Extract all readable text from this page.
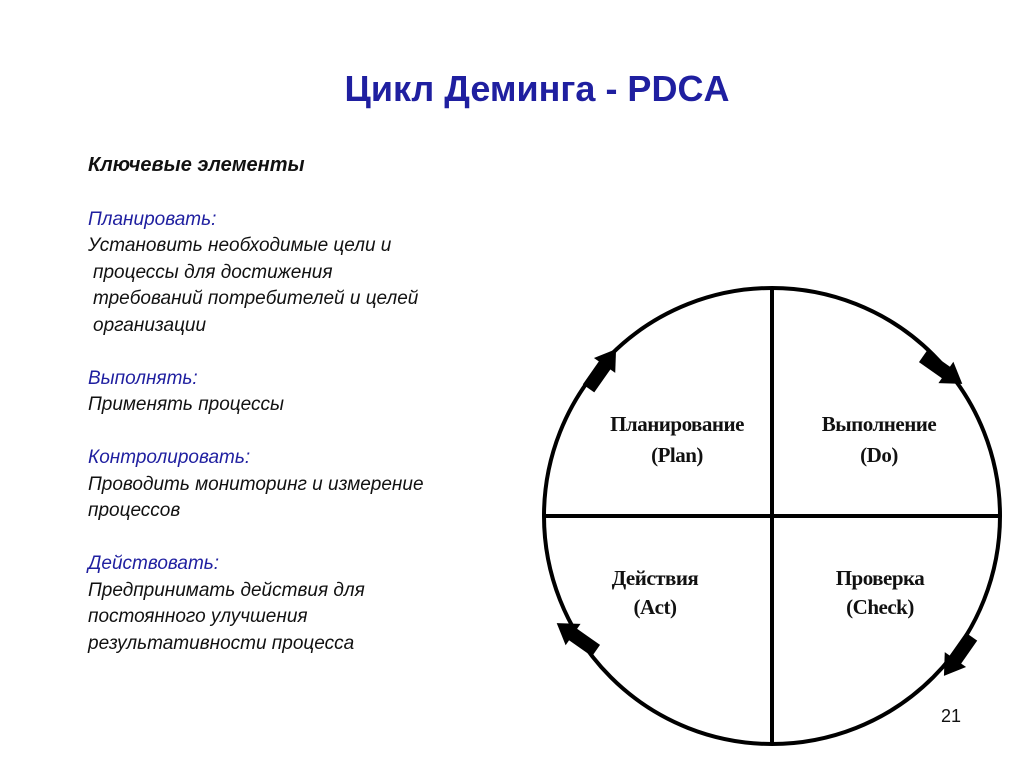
Цикл Деминга - PDCA
Ключевые элементы
Планировать:
Установить необходимые цели и
процессы для достижения
требований потребителей и целей
организации
Выполнять:
Применять процессы
Контролировать:
Проводить мониторинг и измерение
процессов
Действовать:
Предпринимать действия для
постоянного улучшения
результативности процесса
Планирование
(Plan)
Выполнение
(Do)
Действия
(Act)
Проверка
(Check)
21
